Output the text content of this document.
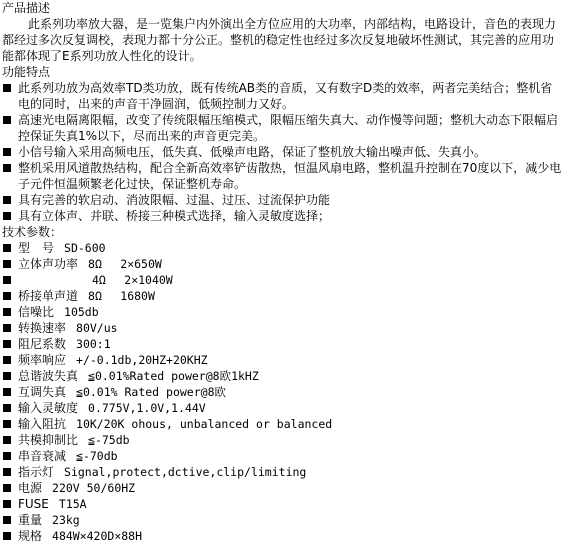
产品描述
此系列功率放大器，是一览集户内外演出全方位应用的大功率，内部结构，电路设计，音色的表现力都经过多次反复调校，表现力都十分公正。整机的稳定性也经过多次反复地破坏性测试，其完善的应用功能都体现了E系列功放人性化的设计。
功能特点
此系列功放为高效率TD类功放，既有传统AB类的音质，又有数字D类的效率，两者完美结合；整机省电的同时，出来的声音干净圆润，低频控制力又好。
高速光电隔离限幅，改变了传统限幅压缩模式，限幅压缩失真大、动作慢等问题；整机大动态下限幅启控保证失真1%以下，尽而出来的声音更完美。
小信号输入采用高频电压，低失真、低噪声电路，保证了整机放大输出噪声低、失真小。
整机采用风道散热结构，配合全新高效率铲齿散热，恒温风扇电路，整机温升控制在70度以下，减少电子元件恒温频繁老化过快，保证整机寿命。
具有完善的软启动、消波限幅、过温、过压、过流保护功能
具有立体声、并联、桥接三种模式选择，输入灵敏度选择；
技术参数：
型　号 SD-600
立体声功率 8Ω　 2×650W
4Ω　 2×1040W
桥接单声道 8Ω　 1680W
信噪比 105db
转换速率 80V/us
阻尼系数 300:1
频率响应 +/-0.1db,20HZ+20KHZ
总谐波失真 ≦0.01%Rated power@8欧1kHZ
互调失真 ≦0.01% Rated power@8欧
输入灵敏度 0.775V,1.0V,1.44V
输入阻抗 10K/20K ohous, unbalanced or balanced
共模抑制比 ≦-75db
串音衰减 ≦-70db
指示灯 Signal,protect,dctive,clip/limiting
电源 220V 50/60HZ
FUSE T15A
重量 23kg
规格 484W×420D×88H
